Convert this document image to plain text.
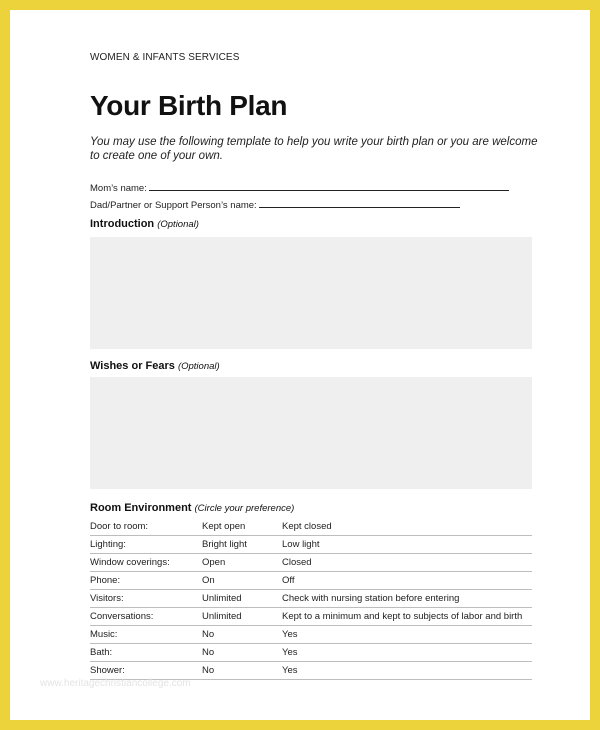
WOMEN & INFANTS SERVICES
Your Birth Plan
You may use the following template to help you write your birth plan or you are welcome to create one of your own.
Mom’s name:
Dad/Partner or Support Person’s name:
Introduction (Optional)
Wishes or Fears (Optional)
Room Environment (Circle your preference)
Door to room:	Kept open	Kept closed
Lighting:	Bright light	Low light
Window coverings:	Open	Closed
Phone:	On	Off
Visitors:	Unlimited	Check with nursing station before entering
Conversations:	Unlimited	Kept to a minimum and kept to subjects of labor and birth
Music:	No	Yes
Bath:	No	Yes
Shower:	No	Yes
www.heritagechristiancollege.com
